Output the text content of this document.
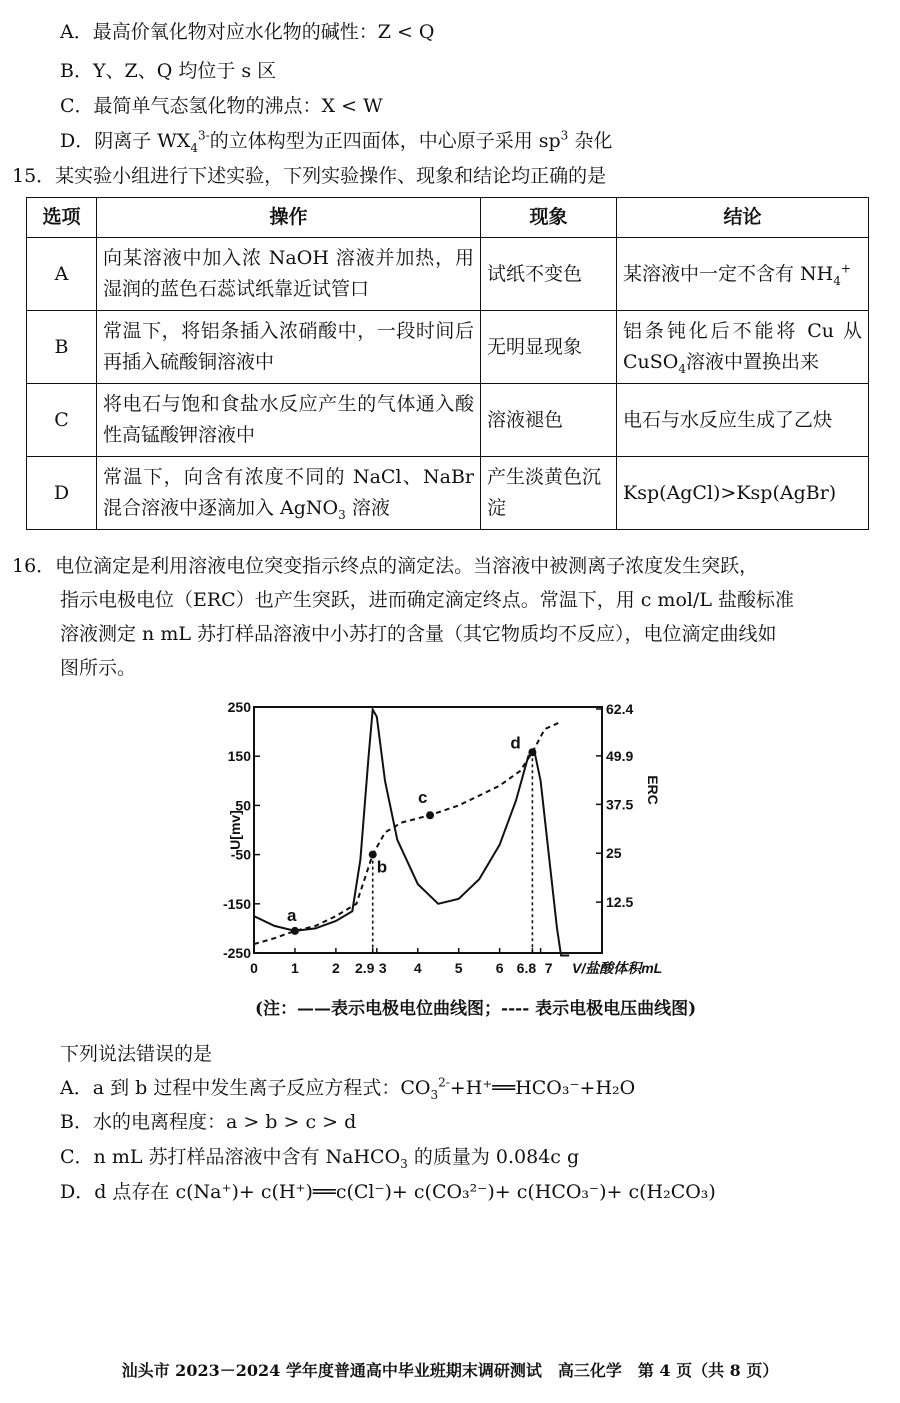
A．最高价氧化物对应水化物的碱性：Z < Q
B．Y、Z、Q 均位于 s 区
C．最简单气态氢化物的沸点：X < W
D．阴离子 $WX_4^{3-}$的立体构型为正四面体，中心原子采用 $sp^3$ 杂化
15．某实验小组进行下述实验，下列实验操作、现象和结论均正确的是
选项	操作	现象	结论
A	向某溶液中加入浓 NaOH 溶液并加热，用湿润的蓝色石蕊试纸靠近试管口	试纸不变色	某溶液中一定不含有 $NH_4^+$
B	常温下，将铝条插入浓硝酸中，一段时间后再插入硫酸铜溶液中	无明显现象	铝条钝化后不能将 Cu 从 CuSO$_4$溶液中置换出来
C	将电石与饱和食盐水反应产生的气体通入酸性高锰酸钾溶液中	溶液褪色	电石与水反应生成了乙炔
D	常温下，向含有浓度不同的 NaCl、NaBr 混合溶液中逐滴加入 AgNO$_3$ 溶液	产生淡黄色沉淀	Ksp(AgCl)>Ksp(AgBr)
16．电位滴定是利用溶液电位突变指示终点的滴定法。当溶液中被测离子浓度发生突跃，
指示电极电位（ERC）也产生突跃，进而确定滴定终点。常温下，用 c mol/L 盐酸标准
溶液测定 n mL 苏打样品溶液中小苏打的含量（其它物质均不反应），电位滴定曲线如
图所示。
250
150
50
-50
-150
-250
62.4
49.9
37.5
25
12.5
0 1 2 2.9 3 4 5 6 6.8 7 V/盐酸体积mL
U[mv]
ERC
a
b
c
d
(注：——表示电极电位曲线图；---- 表示电极电压曲线图)
下列说法错误的是
A．a 到 b 过程中发生离子反应方程式：$CO_3^{2-}+H^+══HCO_3^-+H_2O$
B．水的电离程度：a > b > c > d
C．n mL 苏打样品溶液中含有 NaHCO$_3$ 的质量为 0.084c g
D．d 点存在 c(Na⁺)+ c(H⁺)══c(Cl⁻)+ c(CO₃²⁻)+ c(HCO₃⁻)+ c(H₂CO₃)
汕头市 2023－2024 学年度普通高中毕业班期末调研测试　高三化学　第 4 页（共 8 页）
